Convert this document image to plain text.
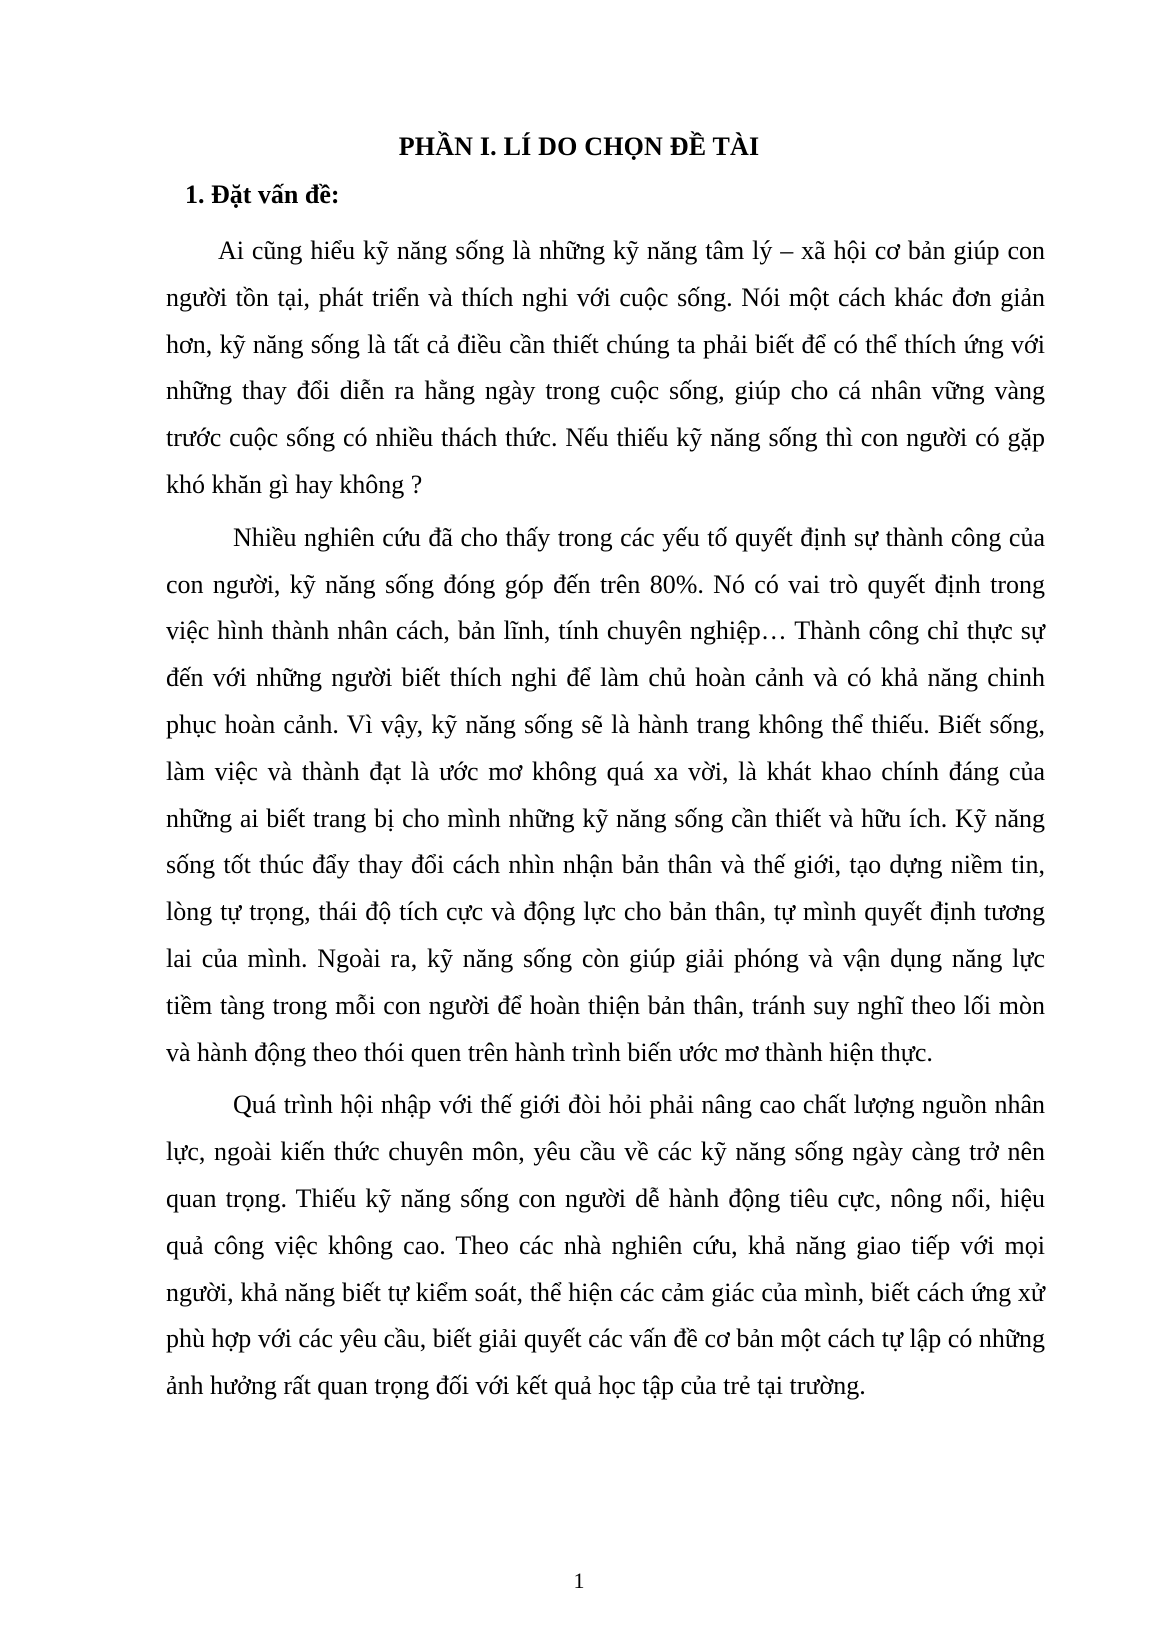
PHẦN I. LÍ DO CHỌN ĐỀ TÀI
1. Đặt vấn đề:

Ai cũng hiểu kỹ năng sống là những kỹ năng tâm lý – xã hội cơ bản giúp con người tồn tại, phát triển và thích nghi với cuộc sống. Nói một cách khác đơn giản hơn, kỹ năng sống là tất cả điều cần thiết chúng ta phải biết để có thể thích ứng với những thay đổi diễn ra hằng ngày trong cuộc sống, giúp cho cá nhân vững vàng trước cuộc sống có nhiều thách thức. Nếu thiếu kỹ năng sống thì con người có gặp khó khăn gì hay không ?

Nhiều nghiên cứu đã cho thấy trong các yếu tố quyết định sự thành công của con người, kỹ năng sống đóng góp đến trên 80%. Nó có vai trò quyết định trong việc hình thành nhân cách, bản lĩnh, tính chuyên nghiệp… Thành công chỉ thực sự đến với những người biết thích nghi để làm chủ hoàn cảnh và có khả năng chinh phục hoàn cảnh. Vì vậy, kỹ năng sống sẽ là hành trang không thể thiếu. Biết sống, làm việc và thành đạt là ước mơ không quá xa vời, là khát khao chính đáng của những ai biết trang bị cho mình những kỹ năng sống cần thiết và hữu ích. Kỹ năng sống tốt thúc đẩy thay đổi cách nhìn nhận bản thân và thế giới, tạo dựng niềm tin, lòng tự trọng, thái độ tích cực và động lực cho bản thân, tự mình quyết định tương lai của mình. Ngoài ra, kỹ năng sống còn giúp giải phóng và vận dụng năng lực tiềm tàng trong mỗi con người để hoàn thiện bản thân, tránh suy nghĩ theo lối mòn và hành động theo thói quen trên hành trình biến ước mơ thành hiện thực.

Quá trình hội nhập với thế giới đòi hỏi phải nâng cao chất lượng nguồn nhân lực, ngoài kiến thức chuyên môn, yêu cầu về các kỹ năng sống ngày càng trở nên quan trọng. Thiếu kỹ năng sống con người dễ hành động tiêu cực, nông nổi, hiệu quả công việc không cao. Theo các nhà nghiên cứu, khả năng giao tiếp với mọi người, khả năng biết tự kiểm soát, thể hiện các cảm giác của mình, biết cách ứng xử phù hợp với các yêu cầu, biết giải quyết các vấn đề cơ bản một cách tự lập có những ảnh hưởng rất quan trọng đối với kết quả học tập của trẻ tại trường.

1
